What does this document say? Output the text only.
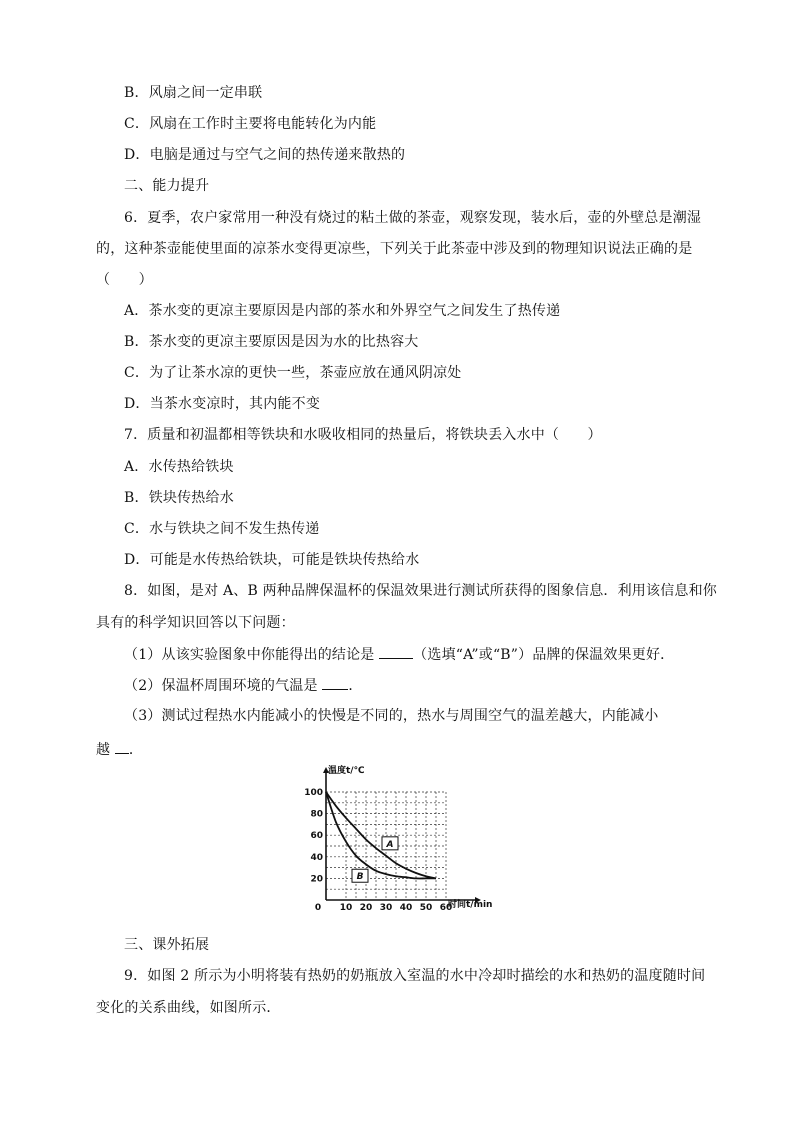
B．风扇之间一定串联
C．风扇在工作时主要将电能转化为内能
D．电脑是通过与空气之间的热传递来散热的
二、能力提升
6．夏季，农户家常用一种没有烧过的粘土做的茶壶，观察发现，装水后，壶的外壁总是潮湿
的，这种茶壶能使里面的凉茶水变得更凉些，下列关于此茶壶中涉及到的物理知识说法正确的是
（　　）
A．茶水变的更凉主要原因是内部的茶水和外界空气之间发生了热传递
B．茶水变的更凉主要原因是因为水的比热容大
C．为了让茶水凉的更快一些，茶壶应放在通风阴凉处
D．当茶水变凉时，其内能不变
7．质量和初温都相等铁块和水吸收相同的热量后，将铁块丢入水中（　　）
A．水传热给铁块
B．铁块传热给水
C．水与铁块之间不发生热传递
D．可能是水传热给铁块，可能是铁块传热给水
8．如图，是对 A、B 两种品牌保温杯的保温效果进行测试所获得的图象信息．利用该信息和你
具有的科学知识回答以下问题：
（1）从该实验图象中你能得出的结论是 （选填“A”或“B”）品牌的保温效果更好．
（2）保温杯周围环境的气温是 ．
（3）测试过程热水内能减小的快慢是不同的，热水与周围空气的温差越大，内能减小
越 ．
温度t/℃
时间t/min
0 10 20 30 40 50 60
20
40
60
80
100
A
B
三、课外拓展
9．如图 2 所示为小明将装有热奶的奶瓶放入室温的水中冷却时描绘的水和热奶的温度随时间
变化的关系曲线，如图所示．
